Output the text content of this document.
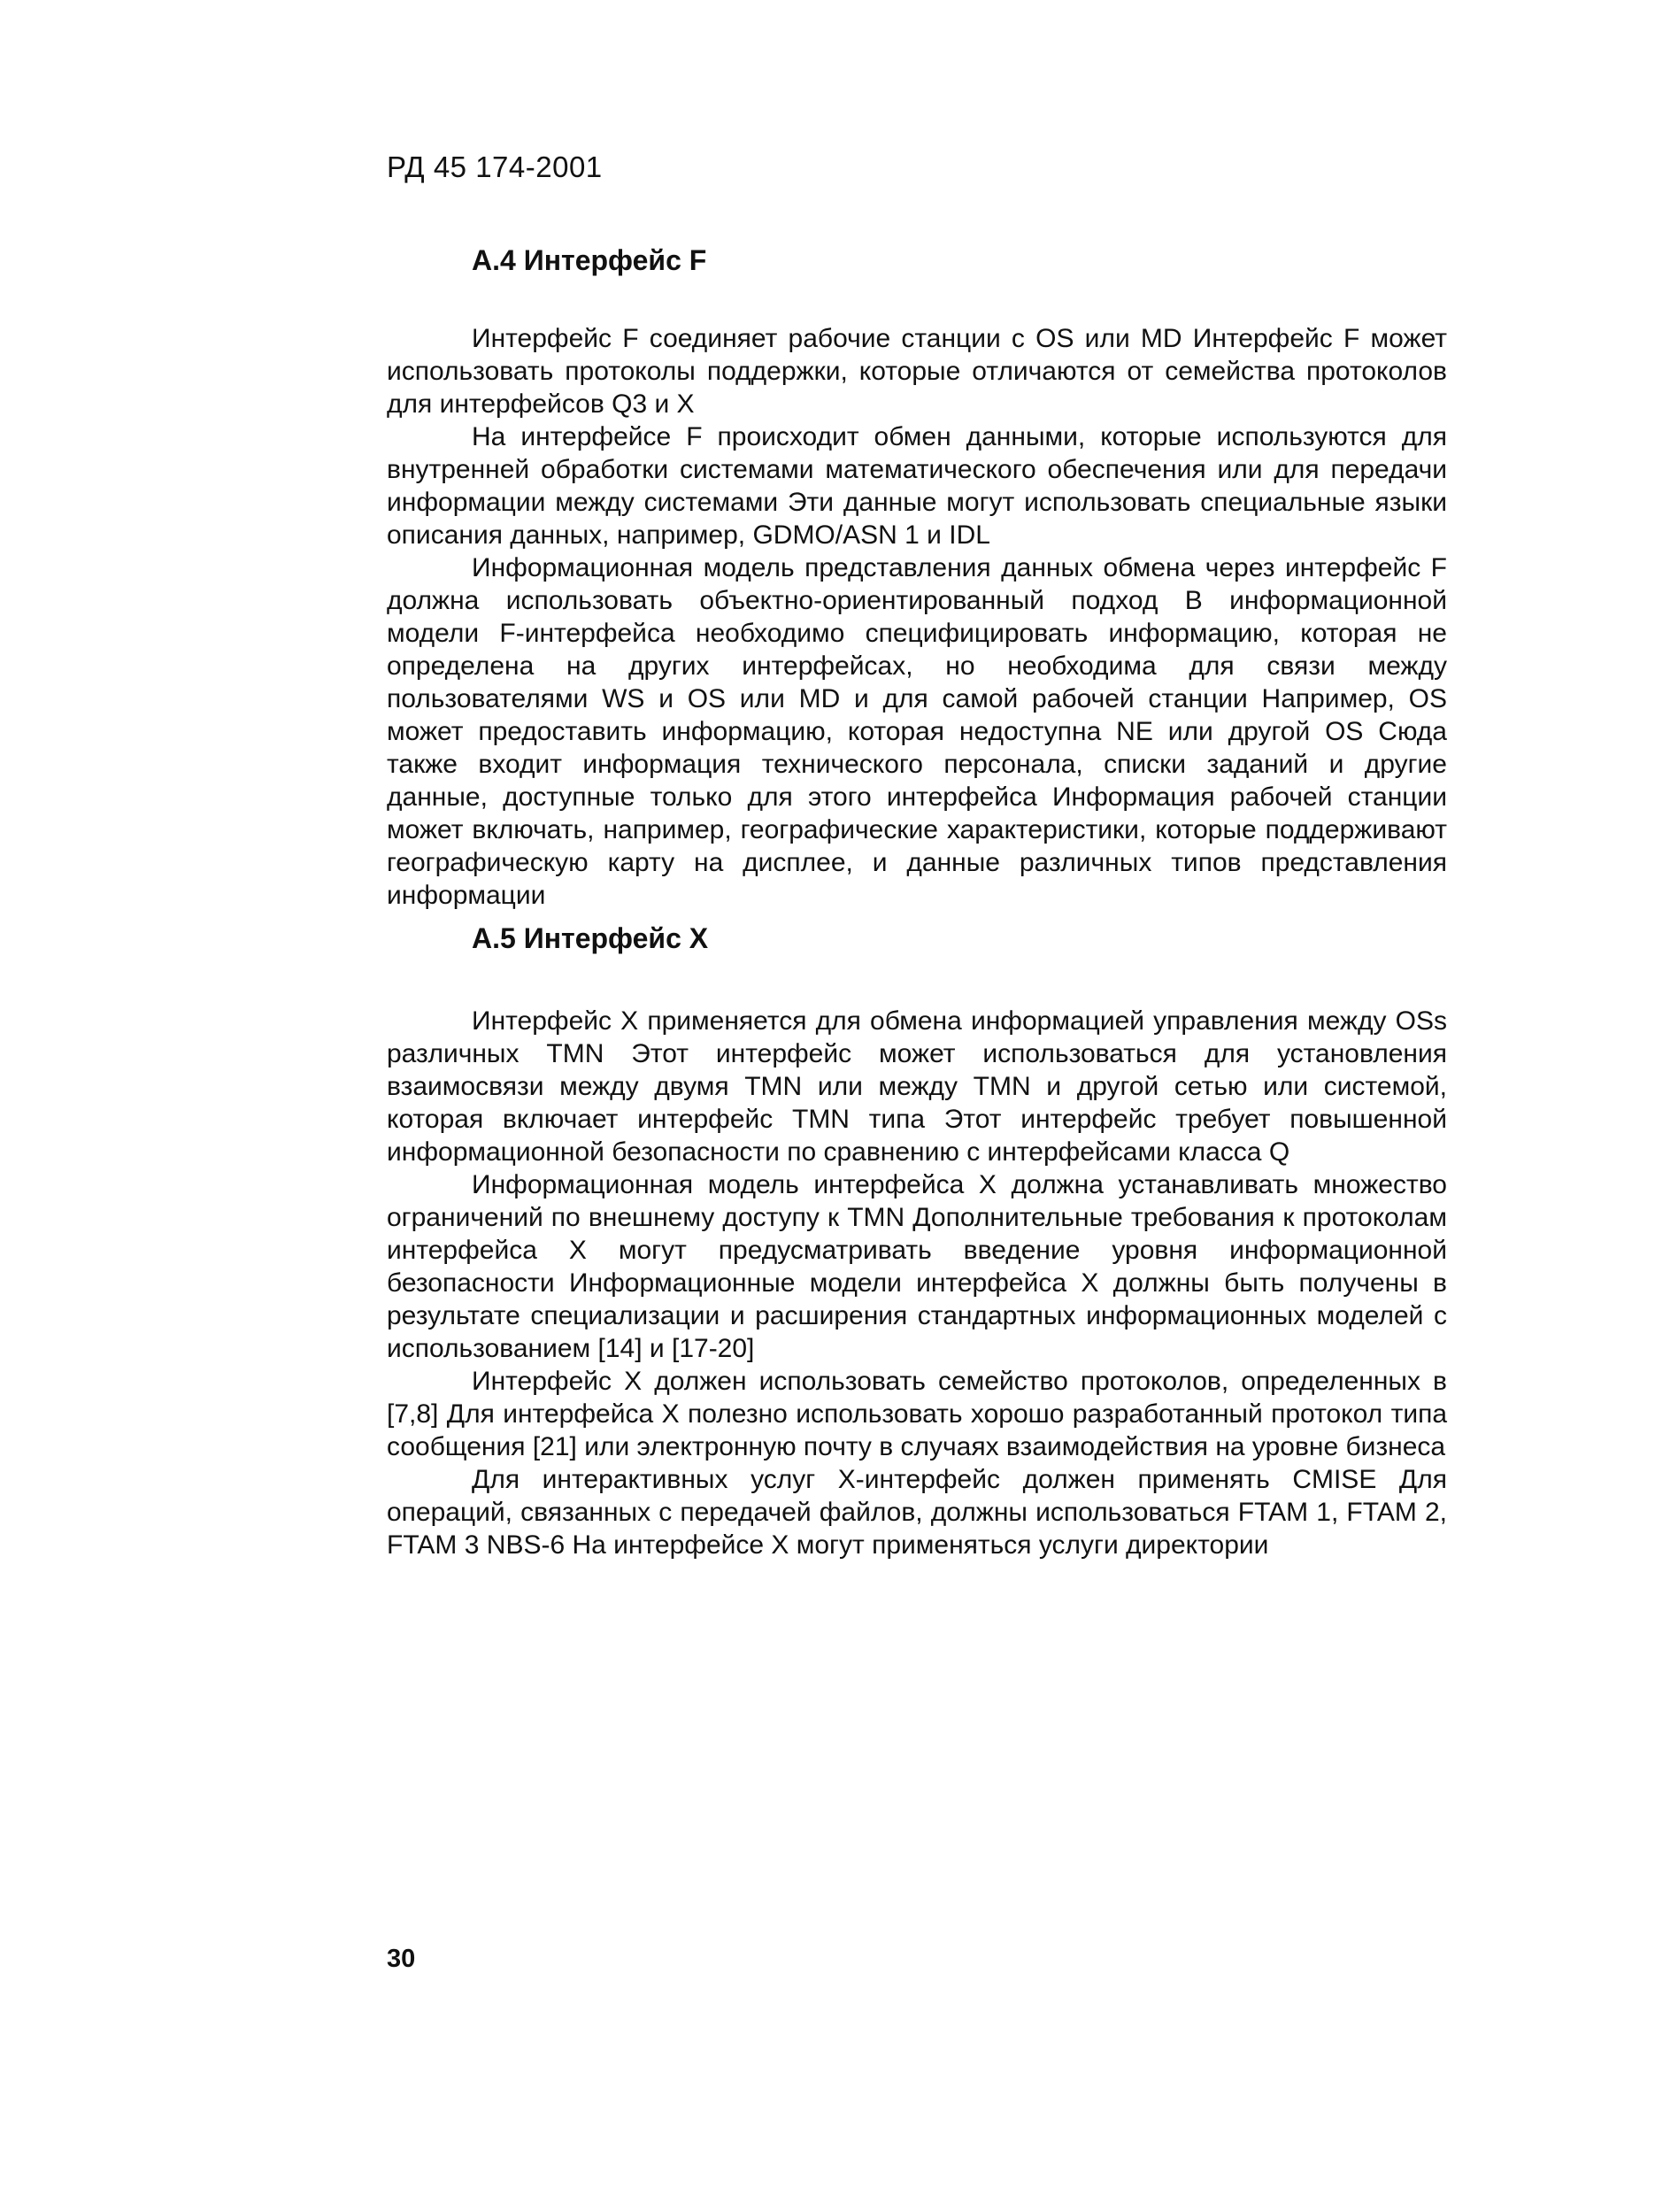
РД 45 174-2001
А.4 Интерфейс F

Интерфейс F соединяет рабочие станции с OS или MD Интерфейс F может использовать протоколы поддержки, которые отличаются от семейства протоколов для интерфейсов Q3 и X

На интерфейсе F происходит обмен данными, которые используются для внутренней обработки системами математического обеспечения или для передачи информации между системами Эти данные могут использовать специальные языки описания данных, например, GDMO/ASN 1 и IDL

Информационная модель представления данных обмена через интерфейс F должна использовать объектно-ориентированный подход В информационной модели F-интерфейса необходимо специфицировать информацию, которая не определена на других интерфейсах, но необходима для связи между пользователями WS и OS или MD и для самой рабочей станции Например, OS может предоставить информацию, которая недоступна NE или другой OS Сюда также входит информация технического персонала, списки заданий и другие данные, доступные только для этого интерфейса Информация рабочей станции может включать, например, географические характеристики, которые поддерживают географическую карту на дисплее, и данные различных типов представления информации

А.5 Интерфейс X

Интерфейс X применяется для обмена информацией управления между OSs различных TMN Этот интерфейс может использоваться для установления взаимосвязи между двумя TMN или между TMN и другой сетью или системой, которая включает интерфейс TMN типа Этот интерфейс требует повышенной информационной безопасности по сравнению с интерфейсами класса Q

Информационная модель интерфейса X должна устанавливать множество ограничений по внешнему доступу к TMN Дополнительные требования к протоколам интерфейса X могут предусматривать введение уровня информационной безопасности Информационные модели интерфейса X должны быть получены в результате специализации и расширения стандартных информационных моделей с использованием [14] и [17-20]

Интерфейс X должен использовать семейство протоколов, определенных в [7,8] Для интерфейса X полезно использовать хорошо разработанный протокол типа сообщения [21] или электронную почту в случаях взаимодействия на уровне бизнеса

Для интерактивных услуг X-интерфейс должен применять CMISE Для операций, связанных с передачей файлов, должны использоваться FTAM 1, FTAM 2, FTAM 3 NBS-6 На интерфейсе X могут применяться услуги директории

30
